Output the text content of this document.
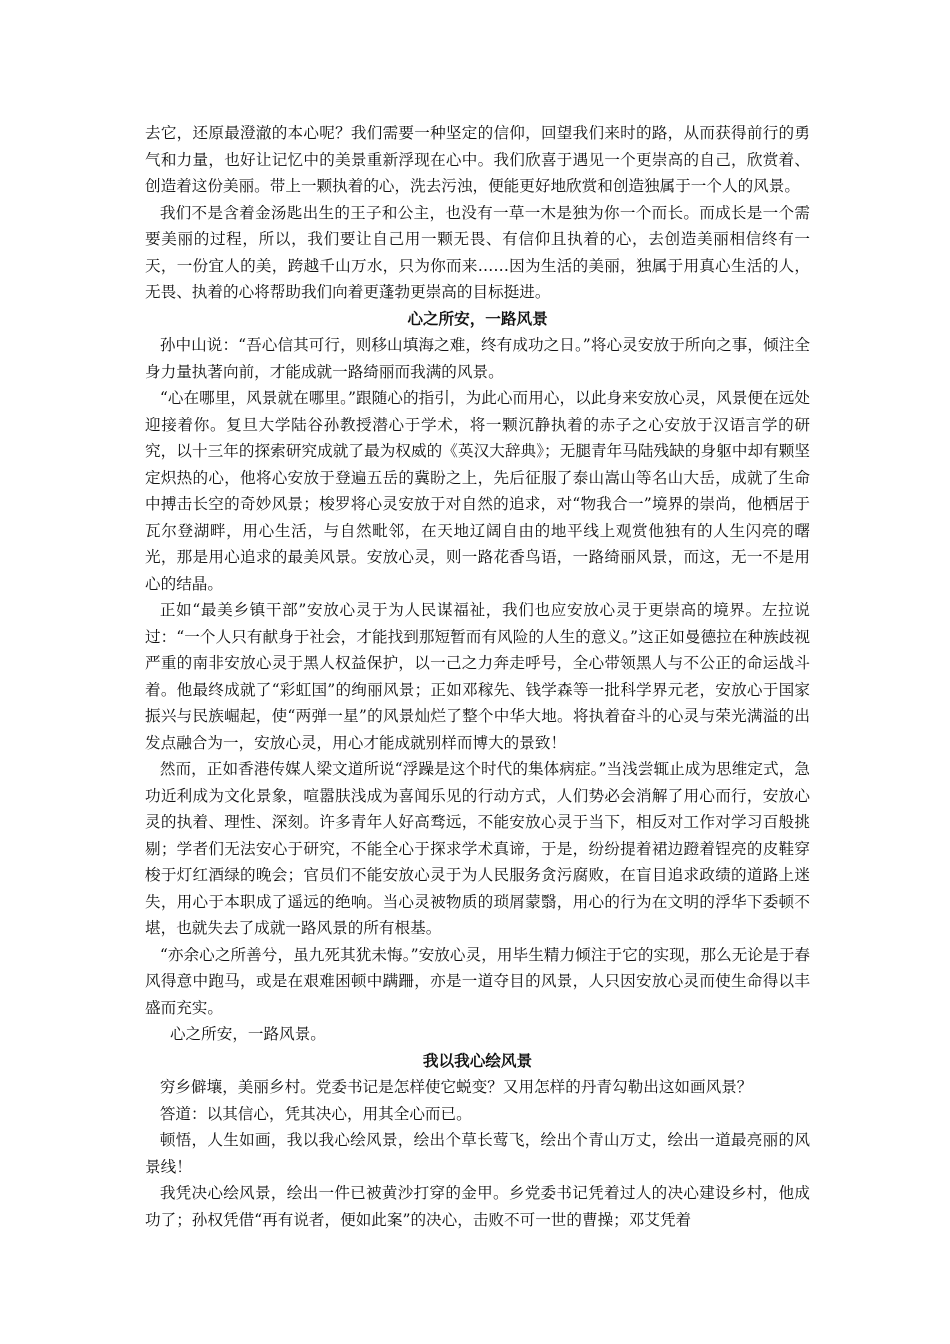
去它，还原最澄澈的本心呢？我们需要一种坚定的信仰，回望我们来时的路，从而获得前行的勇气和力量，也好让记忆中的美景重新浮现在心中。我们欣喜于遇见一个更崇高的自己，欣赏着、创造着这份美丽。带上一颗执着的心，洗去污浊，便能更好地欣赏和创造独属于一个人的风景。

我们不是含着金汤匙出生的王子和公主，也没有一草一木是独为你一个而长。而成长是一个需要美丽的过程，所以，我们要让自己用一颗无畏、有信仰且执着的心，去创造美丽相信终有一天，一份宜人的美，跨越千山万水，只为你而来……因为生活的美丽，独属于用真心生活的人，无畏、执着的心将帮助我们向着更蓬勃更崇高的目标挺进。

心之所安，一路风景

孙中山说：“吾心信其可行，则移山填海之难，终有成功之日。”将心灵安放于所向之事，倾注全身力量执著向前，才能成就一路绮丽而我满的风景。

“心在哪里，风景就在哪里。”跟随心的指引，为此心而用心，以此身来安放心灵，风景便在远处迎接着你。复旦大学陆谷孙教授潜心于学术，将一颗沉静执着的赤子之心安放于汉语言学的研究，以十三年的探索研究成就了最为权威的《英汉大辞典》；无腿青年马陆残缺的身躯中却有颗坚定炽热的心，他将心安放于登遍五岳的冀盼之上，先后征服了泰山嵩山等名山大岳，成就了生命中搏击长空的奇妙风景；梭罗将心灵安放于对自然的追求，对“物我合一”境界的崇尚，他栖居于瓦尔登湖畔，用心生活，与自然毗邻，在天地辽阔自由的地平线上观赏他独有的人生闪亮的曙光，那是用心追求的最美风景。安放心灵，则一路花香鸟语，一路绮丽风景，而这，无一不是用心的结晶。

正如“最美乡镇干部”安放心灵于为人民谋福祉，我们也应安放心灵于更崇高的境界。左拉说过：“一个人只有献身于社会，才能找到那短暂而有风险的人生的意义。”这正如曼德拉在种族歧视严重的南非安放心灵于黑人权益保护，以一己之力奔走呼号，全心带领黑人与不公正的命运战斗着。他最终成就了“彩虹国”的绚丽风景；正如邓稼先、钱学森等一批科学界元老，安放心于国家振兴与民族崛起，使“两弹一星”的风景灿烂了整个中华大地。将执着奋斗的心灵与荣光满溢的出发点融合为一，安放心灵，用心才能成就别样而博大的景致！

然而，正如香港传媒人梁文道所说“浮躁是这个时代的集体病症。”当浅尝辄止成为思维定式，急功近利成为文化景象，喧嚣肤浅成为喜闻乐见的行动方式，人们势必会消解了用心而行，安放心灵的执着、理性、深刻。许多青年人好高骛远，不能安放心灵于当下，相反对工作对学习百般挑剔；学者们无法安心于研究，不能全心于探求学术真谛，于是，纷纷提着裙边蹬着锃亮的皮鞋穿梭于灯红酒绿的晚会；官员们不能安放心灵于为人民服务贪污腐败，在盲目追求政绩的道路上迷失，用心于本职成了遥远的绝响。当心灵被物质的琐屑蒙翳，用心的行为在文明的浮华下委顿不堪，也就失去了成就一路风景的所有根基。

“亦余心之所善兮，虽九死其犹未悔。”安放心灵，用毕生精力倾注于它的实现，那么无论是于春风得意中跑马，或是在艰难困顿中蹒跚，亦是一道夺目的风景，人只因安放心灵而使生命得以丰盛而充实。

心之所安，一路风景。

我以我心绘风景

穷乡僻壤，美丽乡村。党委书记是怎样使它蜕变？又用怎样的丹青勾勒出这如画风景？

答道：以其信心，凭其决心，用其全心而已。

顿悟，人生如画，我以我心绘风景，绘出个草长莺飞，绘出个青山万丈，绘出一道最亮丽的风景线！

我凭决心绘风景，绘出一件已被黄沙打穿的金甲。乡党委书记凭着过人的决心建设乡村，他成功了；孙权凭借“再有说者，便如此案”的决心，击败不可一世的曹操；邓艾凭着
